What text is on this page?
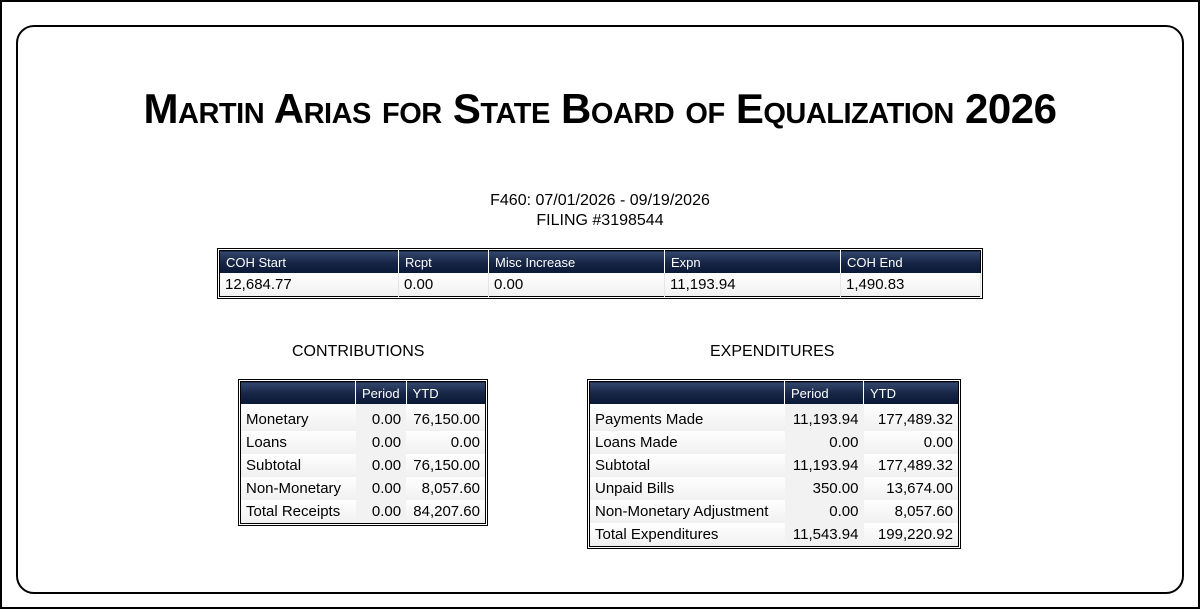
Martin Arias for State Board of Equalization 2026
F460: 07/01/2026 - 09/19/2026
FILING #3198544
COH Start	Rcpt	Misc Increase	Expn	COH End
12,684.77	0.00	0.00	11,193.94	1,490.83
CONTRIBUTIONS	EXPENDITURES
	Period	YTD
Monetary	0.00	76,150.00
Loans	0.00	0.00
Subtotal	0.00	76,150.00
Non-Monetary	0.00	8,057.60
Total Receipts	0.00	84,207.60
	Period	YTD
Payments Made	11,193.94	177,489.32
Loans Made	0.00	0.00
Subtotal	11,193.94	177,489.32
Unpaid Bills	350.00	13,674.00
Non-Monetary Adjustment	0.00	8,057.60
Total Expenditures	11,543.94	199,220.92
